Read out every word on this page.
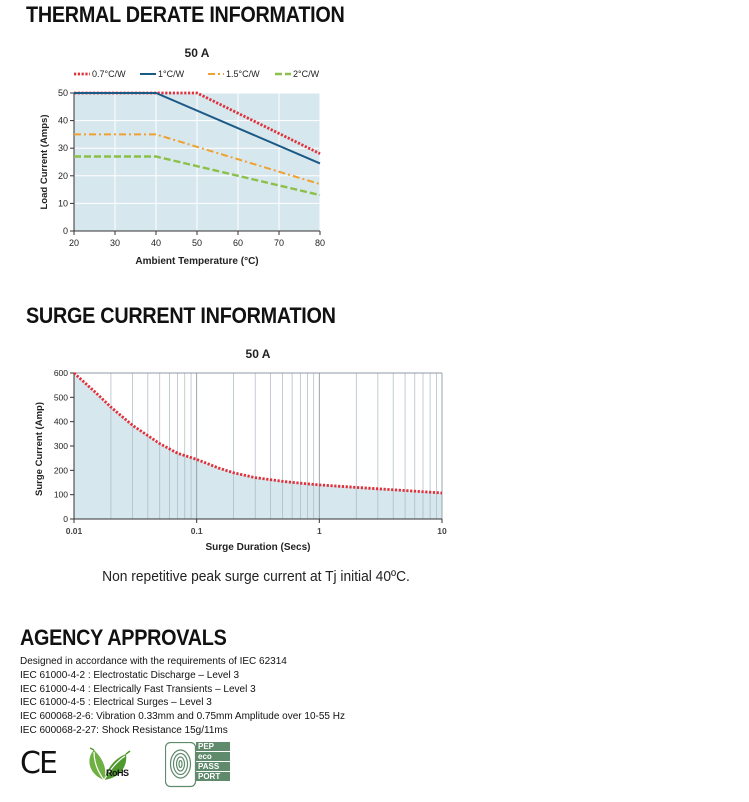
THERMAL DERATE INFORMATION
20	30	40	50	60	70	80
0
10
20
30
40
50
50 A
Ambient Temperature (°C)
Load Current (Amps)
0.7°C/W	1°C/W	1.5°C/W	2°C/W
SURGE CURRENT INFORMATION
0.01	0.1	1	10
0
100
200
300
400
500
600
50 A
Surge Duration (Secs)
Surge Current (Amp)
Non repetitive peak surge current at Tj initial 40ºC.
AGENCY APPROVALS
Designed in accordance with the requirements of IEC 62314
IEC 61000-4-2 : Electrostatic Discharge – Level 3
IEC 61000-4-4 : Electrically Fast Transients – Level 3
IEC 61000-4-5 : Electrical Surges – Level 3
IEC 600068-2-6: Vibration 0.33mm and 0.75mm Amplitude over 10-55 Hz
IEC 600068-2-27: Shock Resistance 15g/11ms
CE	RoHS
PEP
eco
PASS
PORT
